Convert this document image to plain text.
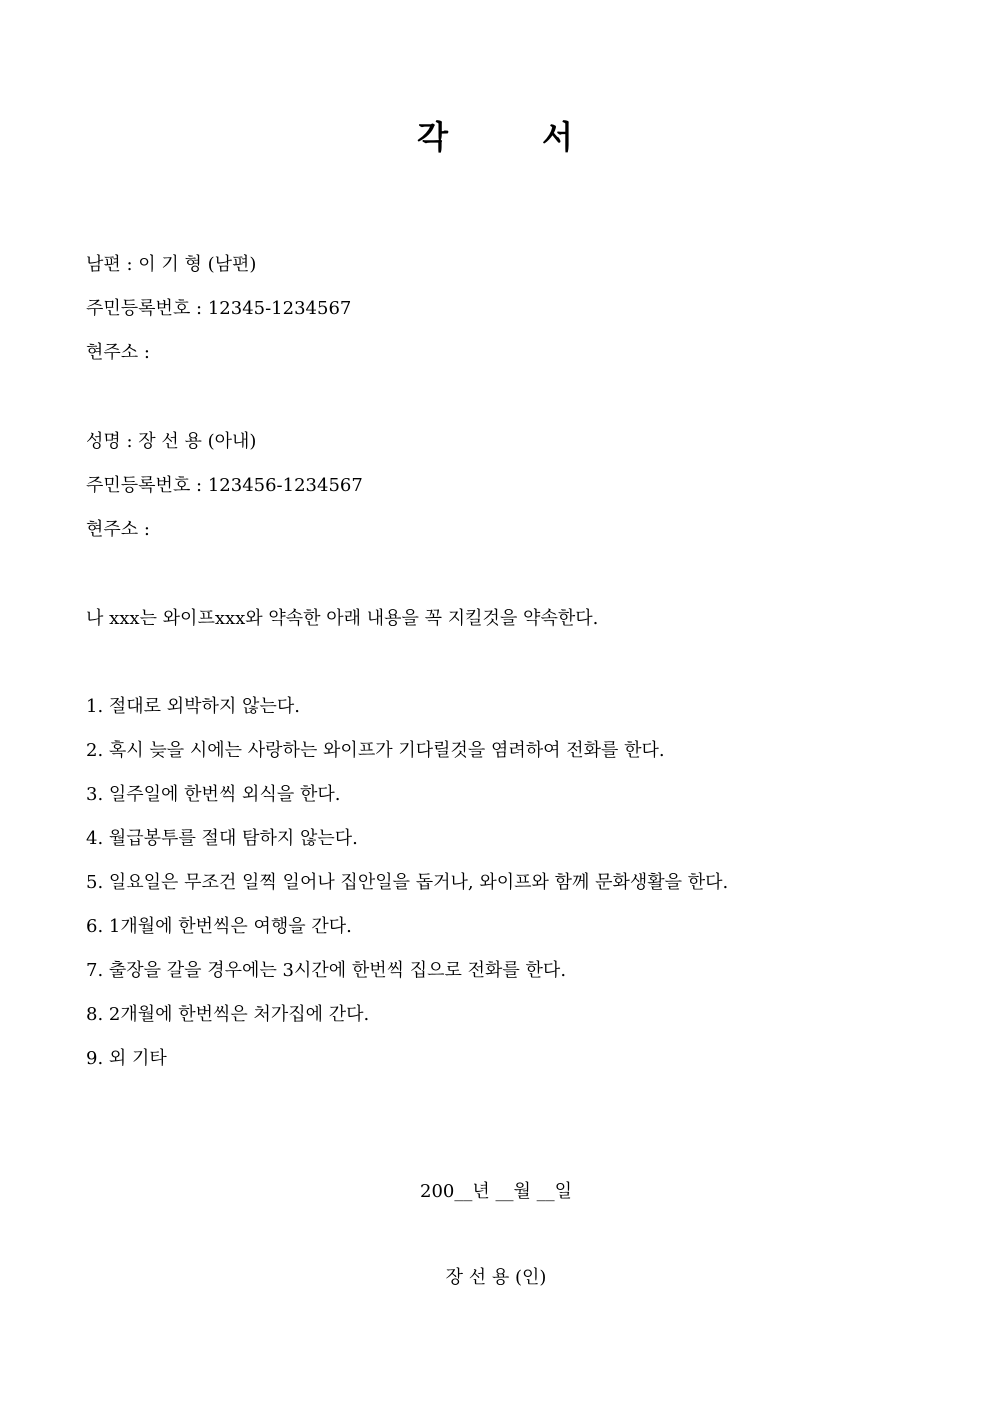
각	서
남편 : 이 기 형 (남편)
주민등록번호 : 12345-1234567
현주소 :
성명 : 장 선 용 (아내)
주민등록번호 : 123456-1234567
현주소 :
나 xxx는 와이프xxx와 약속한 아래 내용을 꼭 지킬것을 약속한다.
1. 절대로 외박하지 않는다.
2. 혹시 늦을 시에는 사랑하는 와이프가 기다릴것을 염려하여 전화를 한다.
3. 일주일에 한번씩 외식을 한다.
4. 월급봉투를 절대 탐하지 않는다.
5. 일요일은 무조건 일찍 일어나 집안일을 돕거나, 와이프와 함께 문화생활을 한다.
6. 1개월에 한번씩은 여행을 간다.
7. 출장을 갈을 경우에는 3시간에 한번씩 집으로 전화를 한다.
8. 2개월에 한번씩은 처가집에 간다.
9. 외 기타
200__년 __월 __일
장 선 용 (인)
